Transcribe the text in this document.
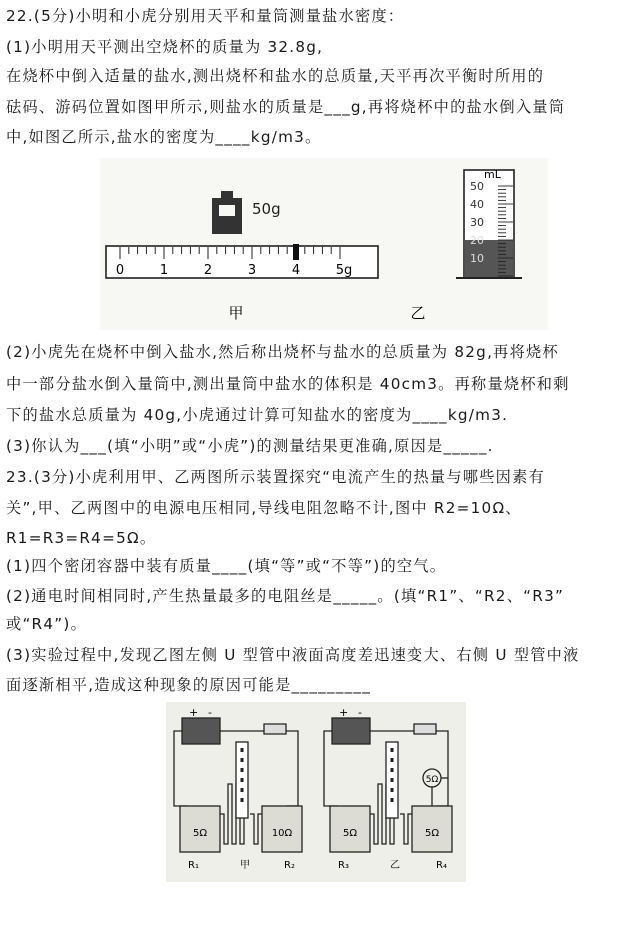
22.(5分)小明和小虎分别用天平和量筒测量盐水密度：
(1)小明用天平测出空烧杯的质量为 32.8g,
在烧杯中倒入适量的盐水,测出烧杯和盐水的总质量,天平再次平衡时所用的
砝码、游码位置如图甲所示,则盐水的质量是___g,再将烧杯中的盐水倒入量筒
中,如图乙所示,盐水的密度为____kg/m3。
50g
0	1	2	3	4	5g
甲
mL
50
40
30
20
10
乙
(2)小虎先在烧杯中倒入盐水,然后称出烧杯与盐水的总质量为 82g,再将烧杯
中一部分盐水倒入量筒中,测出量筒中盐水的体积是 40cm3。再称量烧杯和剩
下的盐水总质量为 40g,小虎通过计算可知盐水的密度为____kg/m3.
(3)你认为___(填“小明”或“小虎”)的测量结果更准确,原因是_____.
23.(3分)小虎利用甲、乙两图所示装置探究“电流产生的热量与哪些因素有
关”,甲、乙两图中的电源电压相同,导线电阻忽略不计,图中 R2=10Ω、
R1=R3=R4=5Ω。
(1)四个密闭容器中装有质量____(填“等”或“不等”)的空气。
(2)通电时间相同时,产生热量最多的电阻丝是_____。(填“R1”、“R2、“R3”
或“R4”)。
(3)实验过程中,发现乙图左侧 U 型管中液面高度差迅速变大、右侧 U 型管中液
面逐渐相平,造成这种现象的原因可能是_________
+ -
5Ω	10Ω
R₁	甲	R₂
+ -
5Ω
5Ω	5Ω
R₃	乙	R₄
